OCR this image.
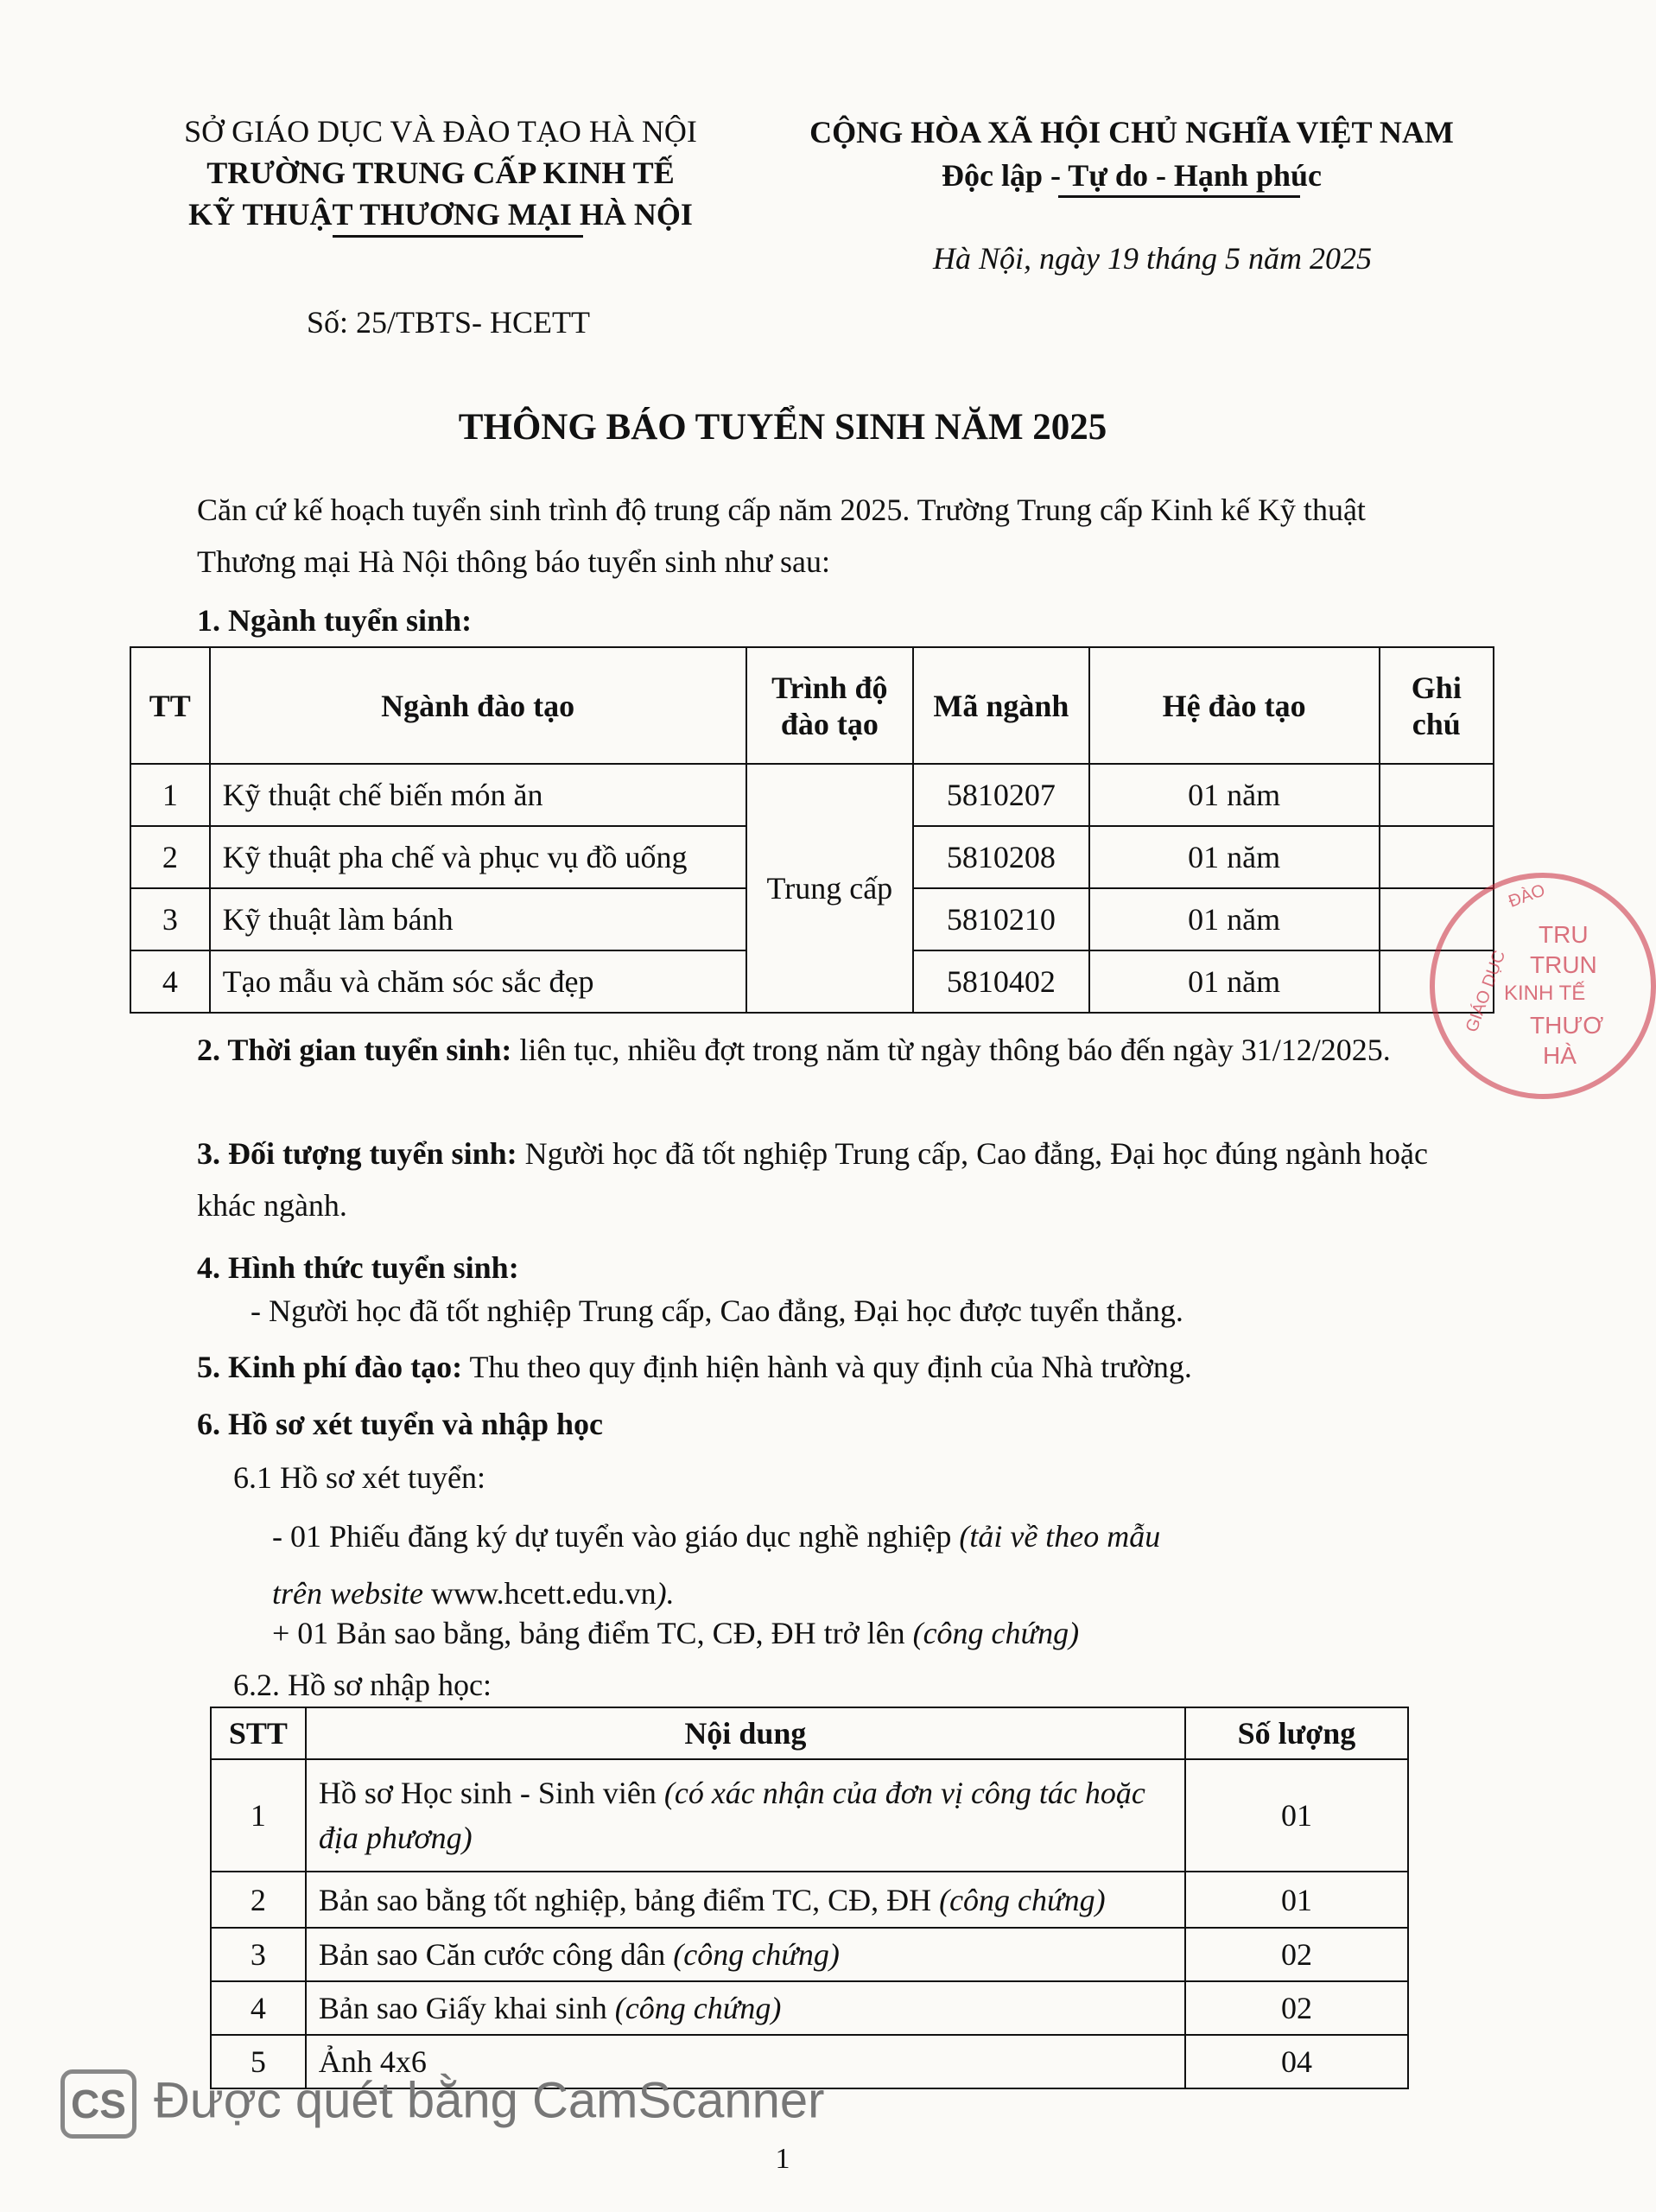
SỞ GIÁO DỤC VÀ ĐÀO TẠO HÀ NỘI
TRƯỜNG TRUNG CẤP KINH TẾ
KỸ THUẬT THƯƠNG MẠI HÀ NỘI
CỘNG HÒA XÃ HỘI CHỦ NGHĨA VIỆT NAM
Độc lập - Tự do - Hạnh phúc
Hà Nội, ngày 19 tháng 5 năm 2025
Số: 25/TBTS- HCETT
THÔNG BÁO TUYỂN SINH NĂM 2025
Căn cứ kế hoạch tuyển sinh trình độ trung cấp năm 2025. Trường Trung cấp Kinh kế Kỹ thuật Thương mại Hà Nội thông báo tuyển sinh như sau:
1. Ngành tuyển sinh:
TT	Ngành đào tạo	Trình độ đào tạo	Mã ngành	Hệ đào tạo	Ghi chú
1	Kỹ thuật chế biến món ăn	Trung cấp	5810207	01 năm	
2	Kỹ thuật pha chế và phục vụ đồ uống		5810208	01 năm	
3	Kỹ thuật làm bánh		5810210	01 năm	
4	Tạo mẫu và chăm sóc sắc đẹp		5810402	01 năm	
TRU
TRUN
KINH TẾ
THƯƠ
HÀ
GIÁO DỤC
ĐÀO
2. Thời gian tuyển sinh: liên tục, nhiều đợt trong năm từ ngày thông báo đến ngày 31/12/2025.
3. Đối tượng tuyển sinh: Người học đã tốt nghiệp Trung cấp, Cao đẳng, Đại học đúng ngành hoặc khác ngành.
4. Hình thức tuyển sinh:
- Người học đã tốt nghiệp Trung cấp, Cao đẳng, Đại học được tuyển thẳng.
5. Kinh phí đào tạo: Thu theo quy định hiện hành và quy định của Nhà trường.
6. Hồ sơ xét tuyển và nhập học
6.1 Hồ sơ xét tuyển:
- 01 Phiếu đăng ký dự tuyển vào giáo dục nghề nghiệp (tải về theo mẫu
trên website www.hcett.edu.vn).
+ 01 Bản sao bằng, bảng điểm TC, CĐ, ĐH trở lên (công chứng)
6.2. Hồ sơ nhập học:
STT	Nội dung	Số lượng
1	Hồ sơ Học sinh - Sinh viên (có xác nhận của đơn vị công tác hoặc địa phương)	01
2	Bản sao bằng tốt nghiệp, bảng điểm TC, CĐ, ĐH (công chứng)	01
3	Bản sao Căn cước công dân (công chứng)	02
4	Bản sao Giấy khai sinh (công chứng)	02
5	Ảnh 4x6	04
CS Được quét bằng CamScanner
1
